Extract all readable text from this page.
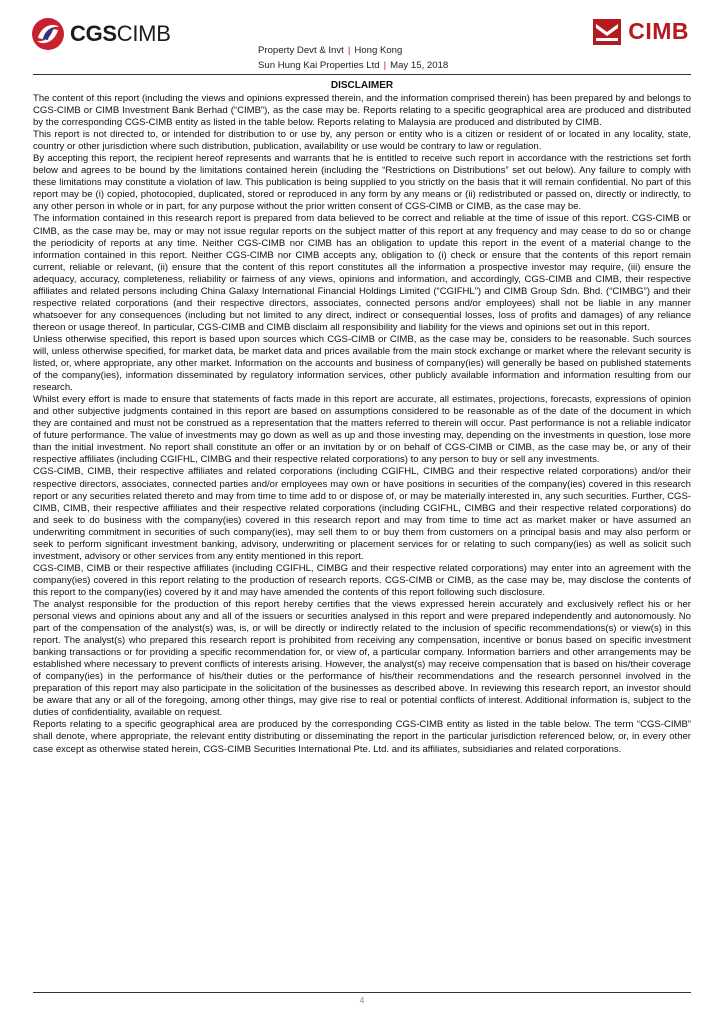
CGSCIMB	CIMB
Property Devt & Invt | Hong Kong
Sun Hung Kai Properties Ltd | May 15, 2018
DISCLAIMER

The content of this report (including the views and opinions expressed therein, and the information comprised therein) has been prepared by and belongs to CGS-CIMB or CIMB Investment Bank Berhad (“CIMB”), as the case may be. Reports relating to a specific geographical area are produced and distributed by the corresponding CGS-CIMB entity as listed in the table below. Reports relating to Malaysia are produced and distributed by CIMB.

This report is not directed to, or intended for distribution to or use by, any person or entity who is a citizen or resident of or located in any locality, state, country or other jurisdiction where such distribution, publication, availability or use would be contrary to law or regulation.

By accepting this report, the recipient hereof represents and warrants that he is entitled to receive such report in accordance with the restrictions set forth below and agrees to be bound by the limitations contained herein (including the “Restrictions on Distributions” set out below). Any failure to comply with these limitations may constitute a violation of law. This publication is being supplied to you strictly on the basis that it will remain confidential. No part of this report may be (i) copied, photocopied, duplicated, stored or reproduced in any form by any means or (ii) redistributed or passed on, directly or indirectly, to any other person in whole or in part, for any purpose without the prior written consent of CGS-CIMB or CIMB, as the case may be.

The information contained in this research report is prepared from data believed to be correct and reliable at the time of issue of this report. CGS-CIMB or CIMB, as the case may be, may or may not issue regular reports on the subject matter of this report at any frequency and may cease to do so or change the periodicity of reports at any time. Neither CGS-CIMB nor CIMB has an obligation to update this report in the event of a material change to the information contained in this report. Neither CGS-CIMB nor CIMB accepts any, obligation to (i) check or ensure that the contents of this report remain current, reliable or relevant, (ii) ensure that the content of this report constitutes all the information a prospective investor may require, (iii) ensure the adequacy, accuracy, completeness, reliability or fairness of any views, opinions and information, and accordingly, CGS-CIMB and CIMB, their respective affiliates and related persons including China Galaxy International Financial Holdings Limited (“CGIFHL”) and CIMB Group Sdn. Bhd. (“CIMBG”) and their respective related corporations (and their respective directors, associates, connected persons and/or employees) shall not be liable in any manner whatsoever for any consequences (including but not limited to any direct, indirect or consequential losses, loss of profits and damages) of any reliance thereon or usage thereof. In particular, CGS-CIMB and CIMB disclaim all responsibility and liability for the views and opinions set out in this report.

Unless otherwise specified, this report is based upon sources which CGS-CIMB or CIMB, as the case may be, considers to be reasonable. Such sources will, unless otherwise specified, for market data, be market data and prices available from the main stock exchange or market where the relevant security is listed, or, where appropriate, any other market. Information on the accounts and business of company(ies) will generally be based on published statements of the company(ies), information disseminated by regulatory information services, other publicly available information and information resulting from our research.

Whilst every effort is made to ensure that statements of facts made in this report are accurate, all estimates, projections, forecasts, expressions of opinion and other subjective judgments contained in this report are based on assumptions considered to be reasonable as of the date of the document in which they are contained and must not be construed as a representation that the matters referred to therein will occur. Past performance is not a reliable indicator of future performance. The value of investments may go down as well as up and those investing may, depending on the investments in question, lose more than the initial investment. No report shall constitute an offer or an invitation by or on behalf of CGS-CIMB or CIMB, as the case may be, or any of their respective affiliates (including CGIFHL, CIMBG and their respective related corporations) to any person to buy or sell any investments.

CGS-CIMB, CIMB, their respective affiliates and related corporations (including CGIFHL, CIMBG and their respective related corporations) and/or their respective directors, associates, connected parties and/or employees may own or have positions in securities of the company(ies) covered in this research report or any securities related thereto and may from time to time add to or dispose of, or may be materially interested in, any such securities. Further, CGS-CIMB, CIMB, their respective affiliates and their respective related corporations (including CGIFHL, CIMBG and their respective related corporations) do and seek to do business with the company(ies) covered in this research report and may from time to time act as market maker or have assumed an underwriting commitment in securities of such company(ies), may sell them to or buy them from customers on a principal basis and may also perform or seek to perform significant investment banking, advisory, underwriting or placement services for or relating to such company(ies) as well as solicit such investment, advisory or other services from any entity mentioned in this report.

CGS-CIMB, CIMB or their respective affiliates (including CGIFHL, CIMBG and their respective related corporations) may enter into an agreement with the company(ies) covered in this report relating to the production of research reports. CGS-CIMB or CIMB, as the case may be, may disclose the contents of this report to the company(ies) covered by it and may have amended the contents of this report following such disclosure.

The analyst responsible for the production of this report hereby certifies that the views expressed herein accurately and exclusively reflect his or her personal views and opinions about any and all of the issuers or securities analysed in this report and were prepared independently and autonomously. No part of the compensation of the analyst(s) was, is, or will be directly or indirectly related to the inclusion of specific recommendations(s) or view(s) in this report. The analyst(s) who prepared this research report is prohibited from receiving any compensation, incentive or bonus based on specific investment banking transactions or for providing a specific recommendation for, or view of, a particular company. Information barriers and other arrangements may be established where necessary to prevent conflicts of interests arising. However, the analyst(s) may receive compensation that is based on his/their coverage of company(ies) in the performance of his/their duties or the performance of his/their recommendations and the research personnel involved in the preparation of this report may also participate in the solicitation of the businesses as described above. In reviewing this research report, an investor should be aware that any or all of the foregoing, among other things, may give rise to real or potential conflicts of interest. Additional information is, subject to the duties of confidentiality, available on request.

Reports relating to a specific geographical area are produced by the corresponding CGS-CIMB entity as listed in the table below. The term “CGS-CIMB” shall denote, where appropriate, the relevant entity distributing or disseminating the report in the particular jurisdiction referenced below, or, in every other case except as otherwise stated herein, CGS-CIMB Securities International Pte. Ltd. and its affiliates, subsidiaries and related corporations.

4
